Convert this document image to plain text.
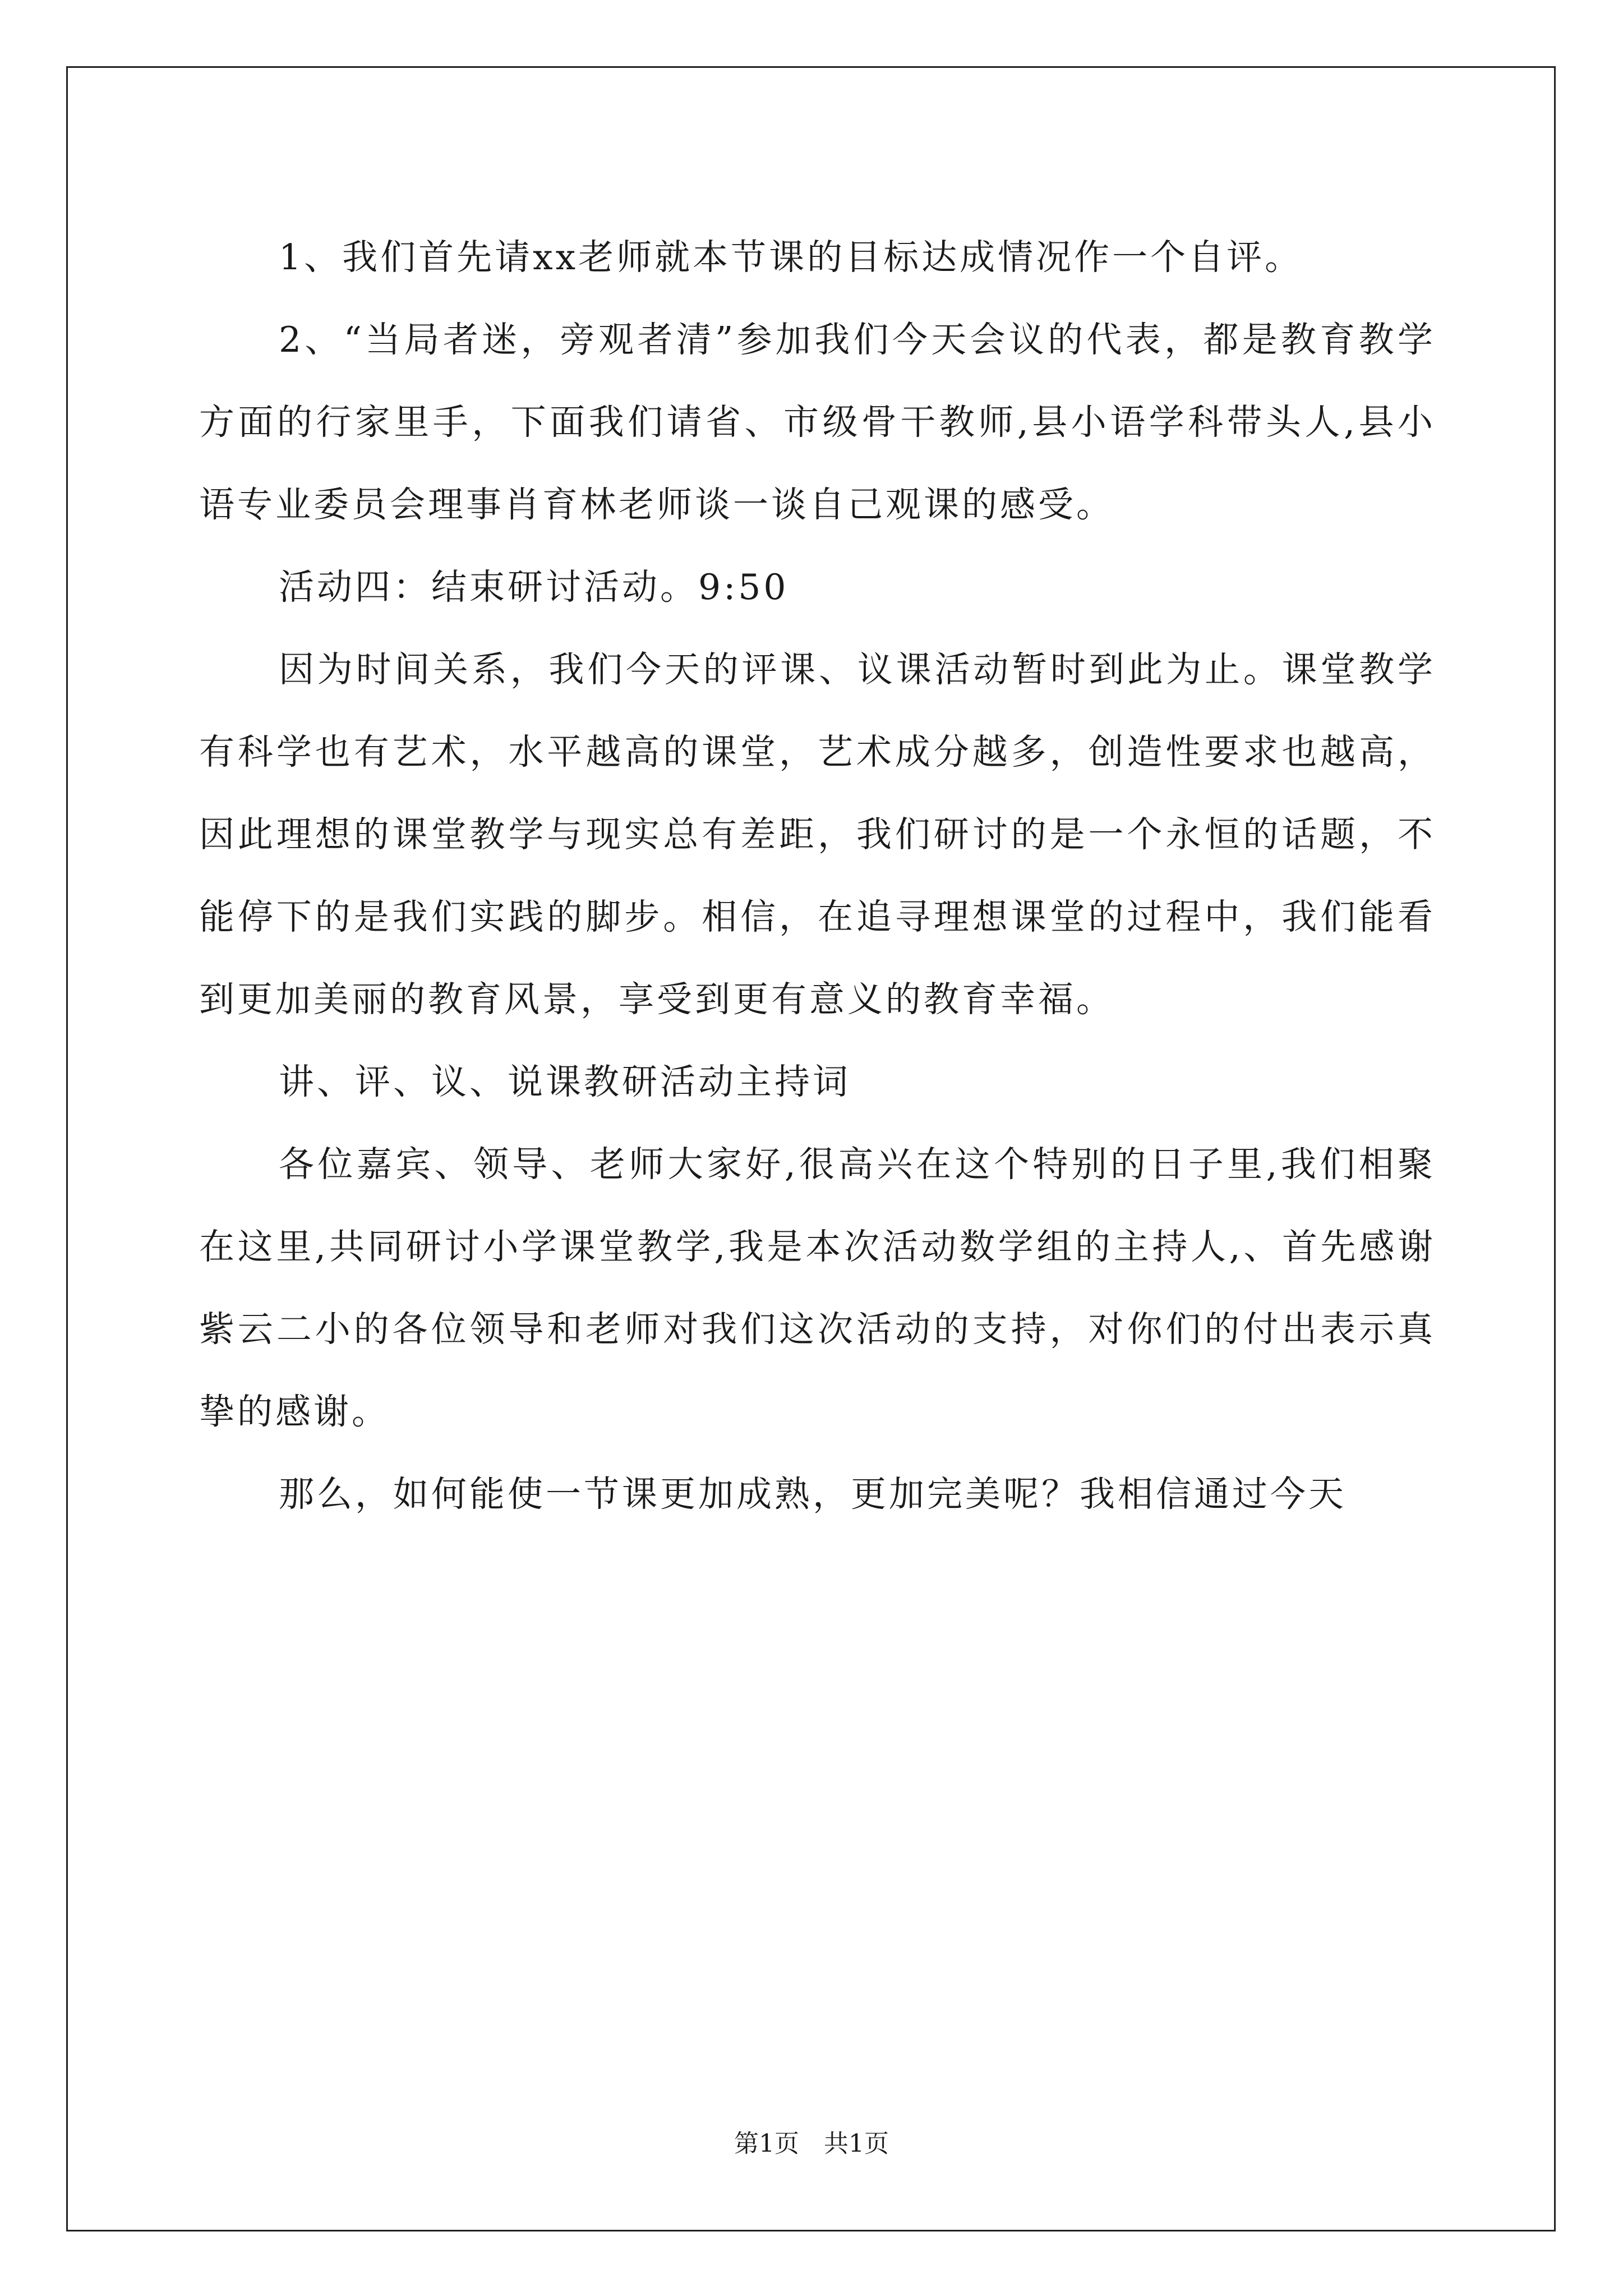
1、我们首先请xx老师就本节课的目标达成情况作一个自评。

2、“当局者迷，旁观者清”参加我们今天会议的代表，都是教育教学方面的行家里手，下面我们请省、市级骨干教师,县小语学科带头人,县小语专业委员会理事肖育林老师谈一谈自己观课的感受。

活动四：结束研讨活动。9:50

因为时间关系，我们今天的评课、议课活动暂时到此为止。课堂教学有科学也有艺术，水平越高的课堂，艺术成分越多，创造性要求也越高，因此理想的课堂教学与现实总有差距，我们研讨的是一个永恒的话题，不能停下的是我们实践的脚步。相信，在追寻理想课堂的过程中，我们能看到更加美丽的教育风景，享受到更有意义的教育幸福。

讲、评、议、说课教研活动主持词

各位嘉宾、领导、老师大家好,很高兴在这个特别的日子里,我们相聚在这里,共同研讨小学课堂教学,我是本次活动数学组的主持人,、首先感谢紫云二小的各位领导和老师对我们这次活动的支持，对你们的付出表示真挚的感谢。

那么，如何能使一节课更加成熟，更加完美呢？我相信通过今天

第1页 共1页
